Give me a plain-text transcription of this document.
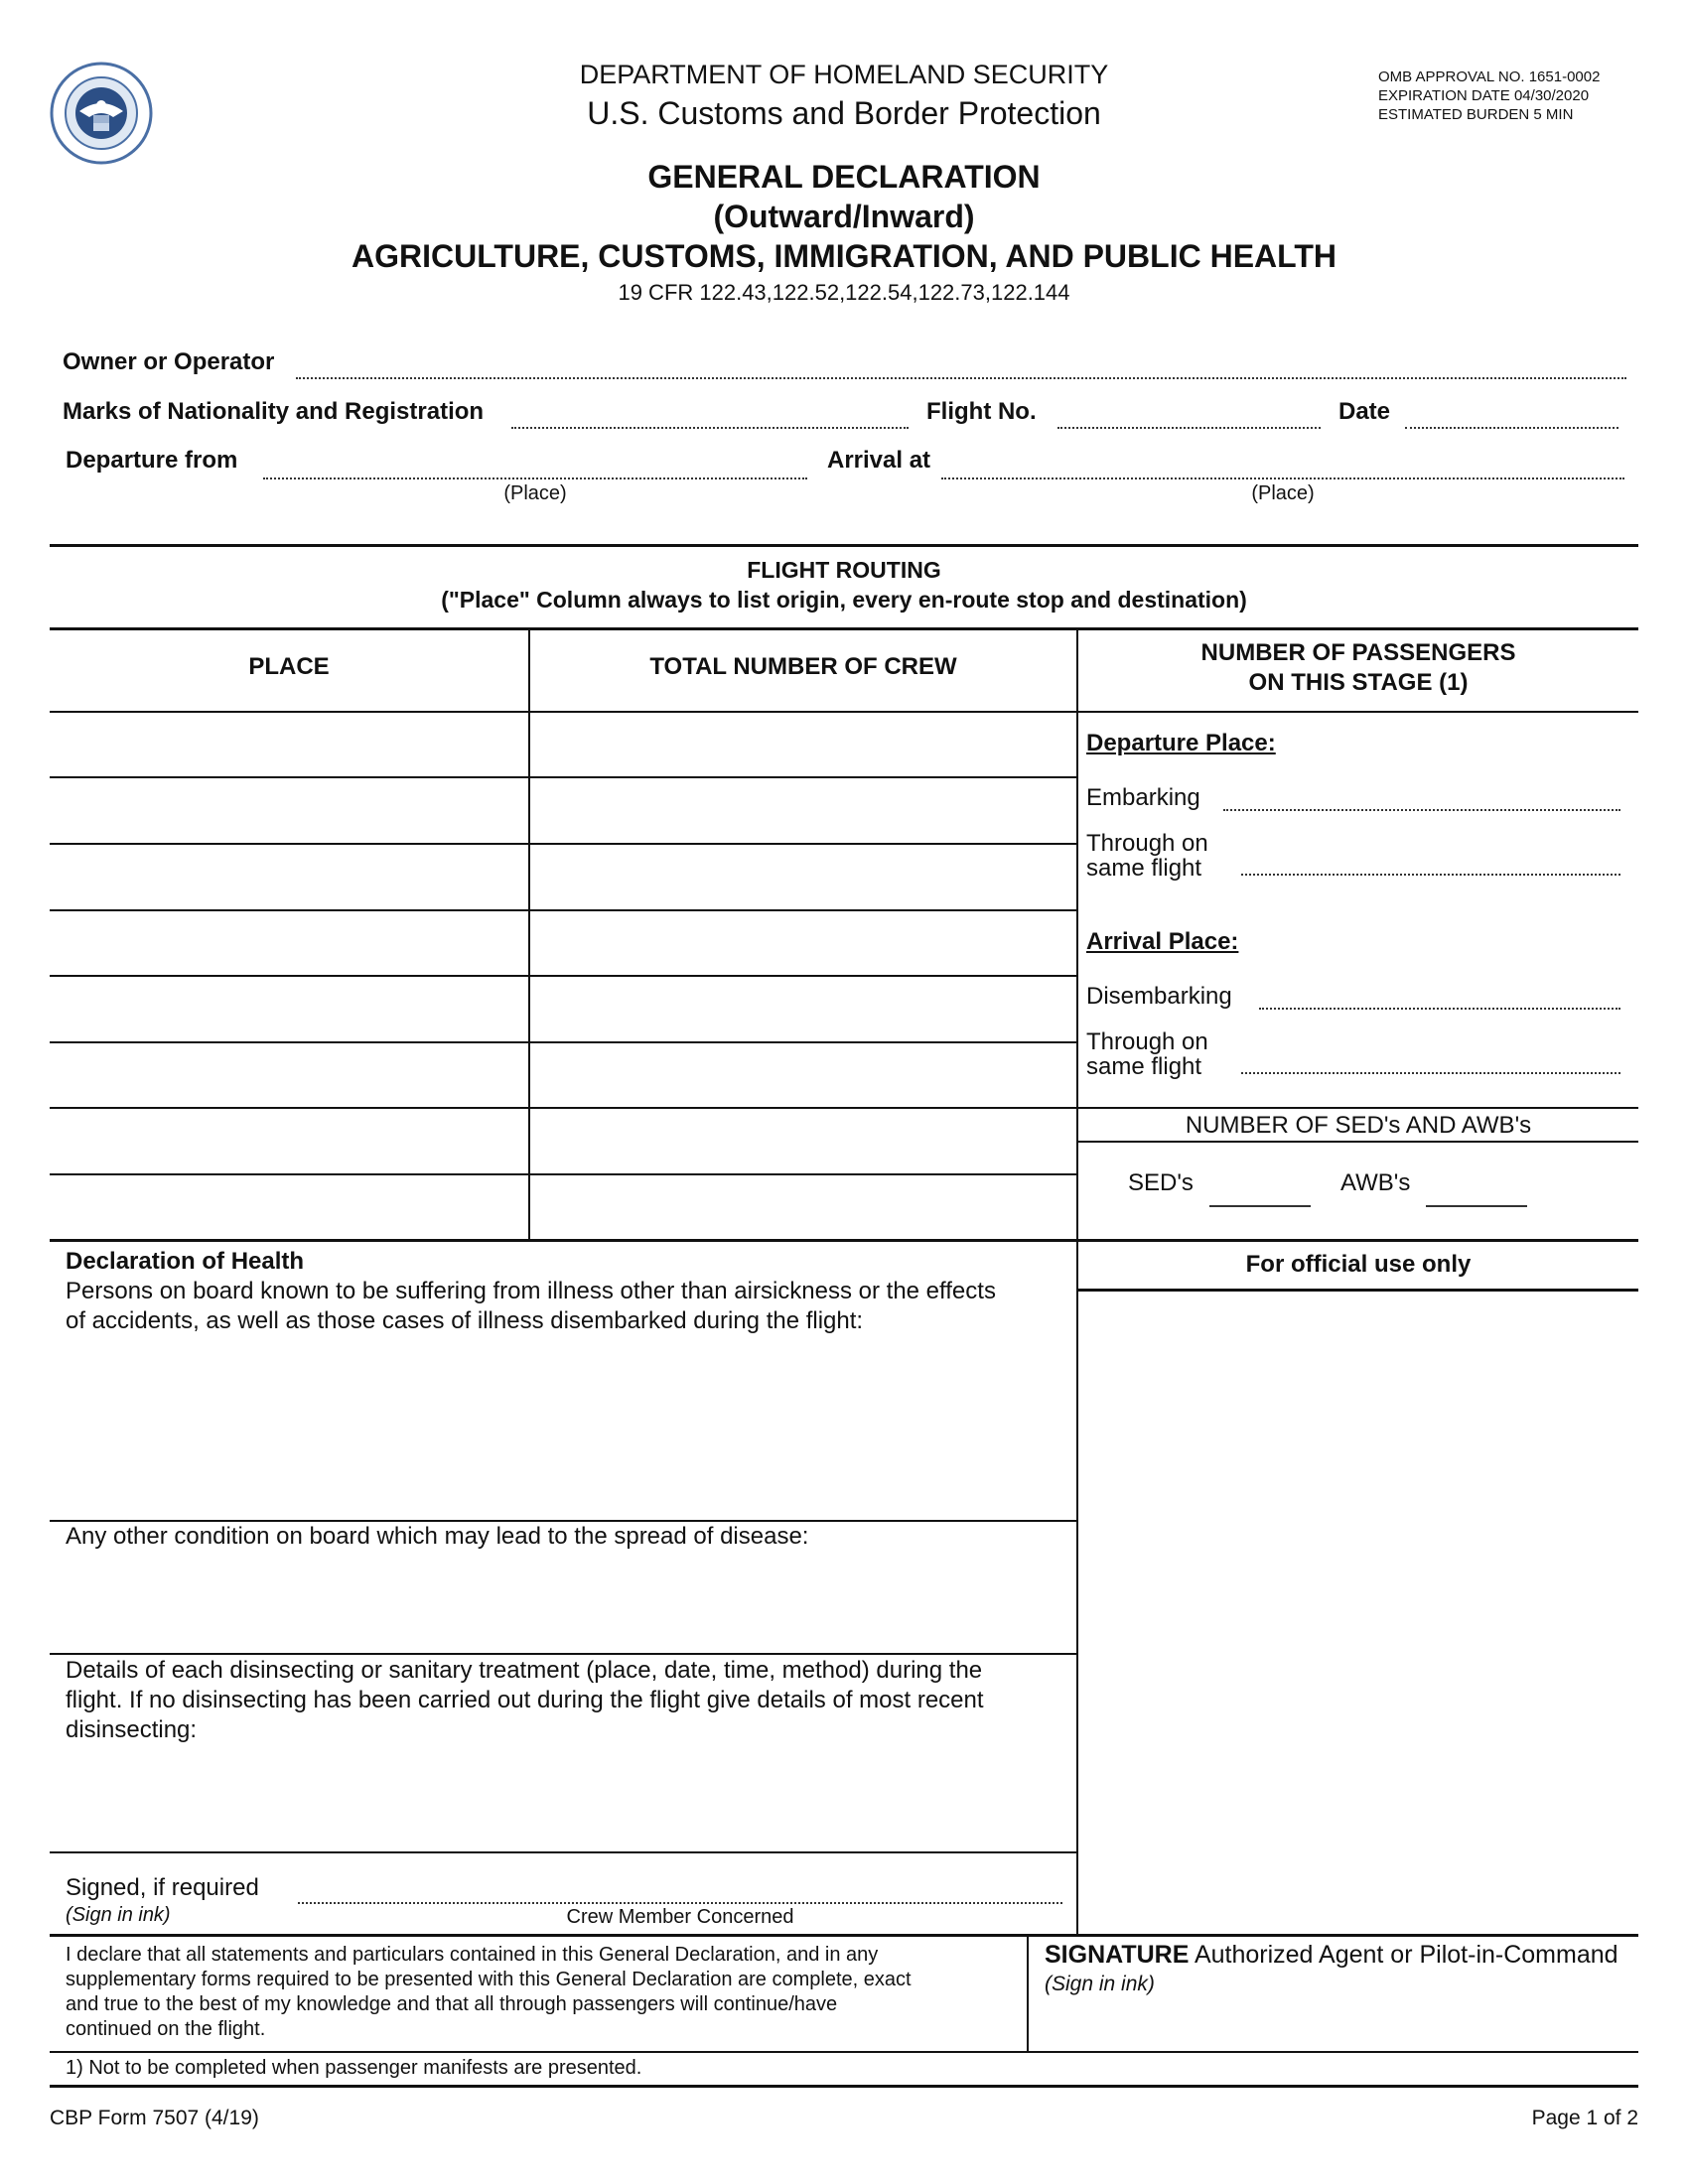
DEPARTMENT OF HOMELAND SECURITY
U.S. Customs and Border Protection
OMB APPROVAL NO. 1651-0002
EXPIRATION DATE 04/30/2020
ESTIMATED BURDEN 5 MIN
GENERAL DECLARATION
(Outward/Inward)
AGRICULTURE, CUSTOMS, IMMIGRATION, AND PUBLIC HEALTH
19 CFR 122.43,122.52,122.54,122.73,122.144
Owner or Operator
Marks of Nationality and Registration	Flight No.	Date
Departure from
(Place)
Arrival at
(Place)
FLIGHT ROUTING
("Place" Column always to list origin, every en-route stop and destination)
PLACE	TOTAL NUMBER OF CREW
NUMBER OF PASSENGERS
ON THIS STAGE (1)
Departure Place:
Embarking
Through on
same flight
Arrival Place:
Disembarking
Through on
same flight
NUMBER OF SED's AND AWB's
SED's	AWB's
Declaration of Health
Persons on board known to be suffering from illness other than airsickness or the effects
of accidents, as well as those cases of illness disembarked during the flight:
For official use only
Any other condition on board which may lead to the spread of disease:
Details of each disinsecting or sanitary treatment (place, date, time, method) during the
flight. If no disinsecting has been carried out during the flight give details of most recent
disinsecting:
Signed, if required
(Sign in ink)	Crew Member Concerned
I declare that all statements and particulars contained in this General Declaration, and in any
supplementary forms required to be presented with this General Declaration are complete, exact
and true to the best of my knowledge and that all through passengers will continue/have
continued on the flight.
SIGNATURE Authorized Agent or Pilot-in-Command
(Sign in ink)
1) Not to be completed when passenger manifests are presented.
CBP Form 7507 (4/19)	Page 1 of 2
